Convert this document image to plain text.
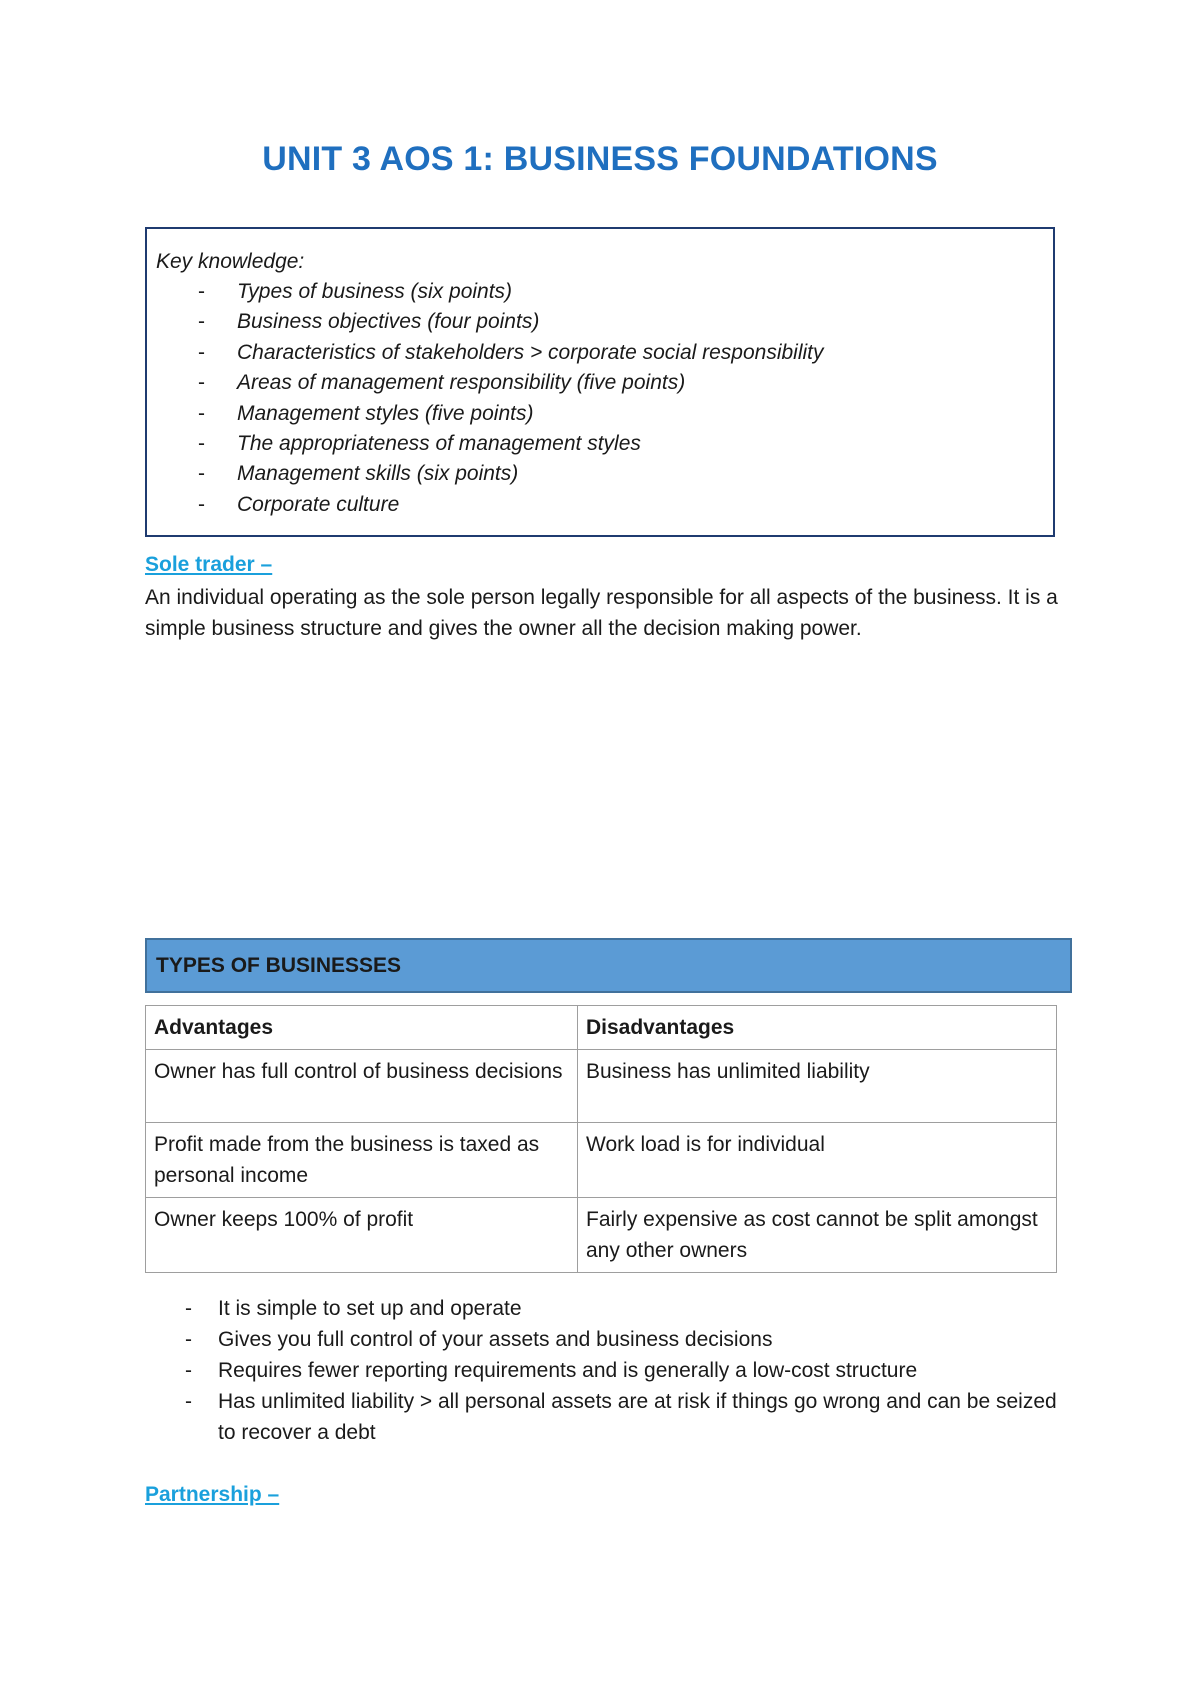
UNIT 3 AOS 1: BUSINESS FOUNDATIONS
Key knowledge:
- Types of business (six points)
- Business objectives (four points)
- Characteristics of stakeholders > corporate social responsibility
- Areas of management responsibility (five points)
- Management styles (five points)
- The appropriateness of management styles
- Management skills (six points)
- Corporate culture
Sole trader –
An individual operating as the sole person legally responsible for all aspects of the business. It is a simple business structure and gives the owner all the decision making power.
TYPES OF BUSINESSES
Advantages	Disadvantages
Owner has full control of business decisions	Business has unlimited liability
Profit made from the business is taxed as personal income	Work load is for individual
Owner keeps 100% of profit	Fairly expensive as cost cannot be split amongst any other owners
- It is simple to set up and operate
- Gives you full control of your assets and business decisions
- Requires fewer reporting requirements and is generally a low-cost structure
- Has unlimited liability > all personal assets are at risk if things go wrong and can be seized to recover a debt
Partnership –
